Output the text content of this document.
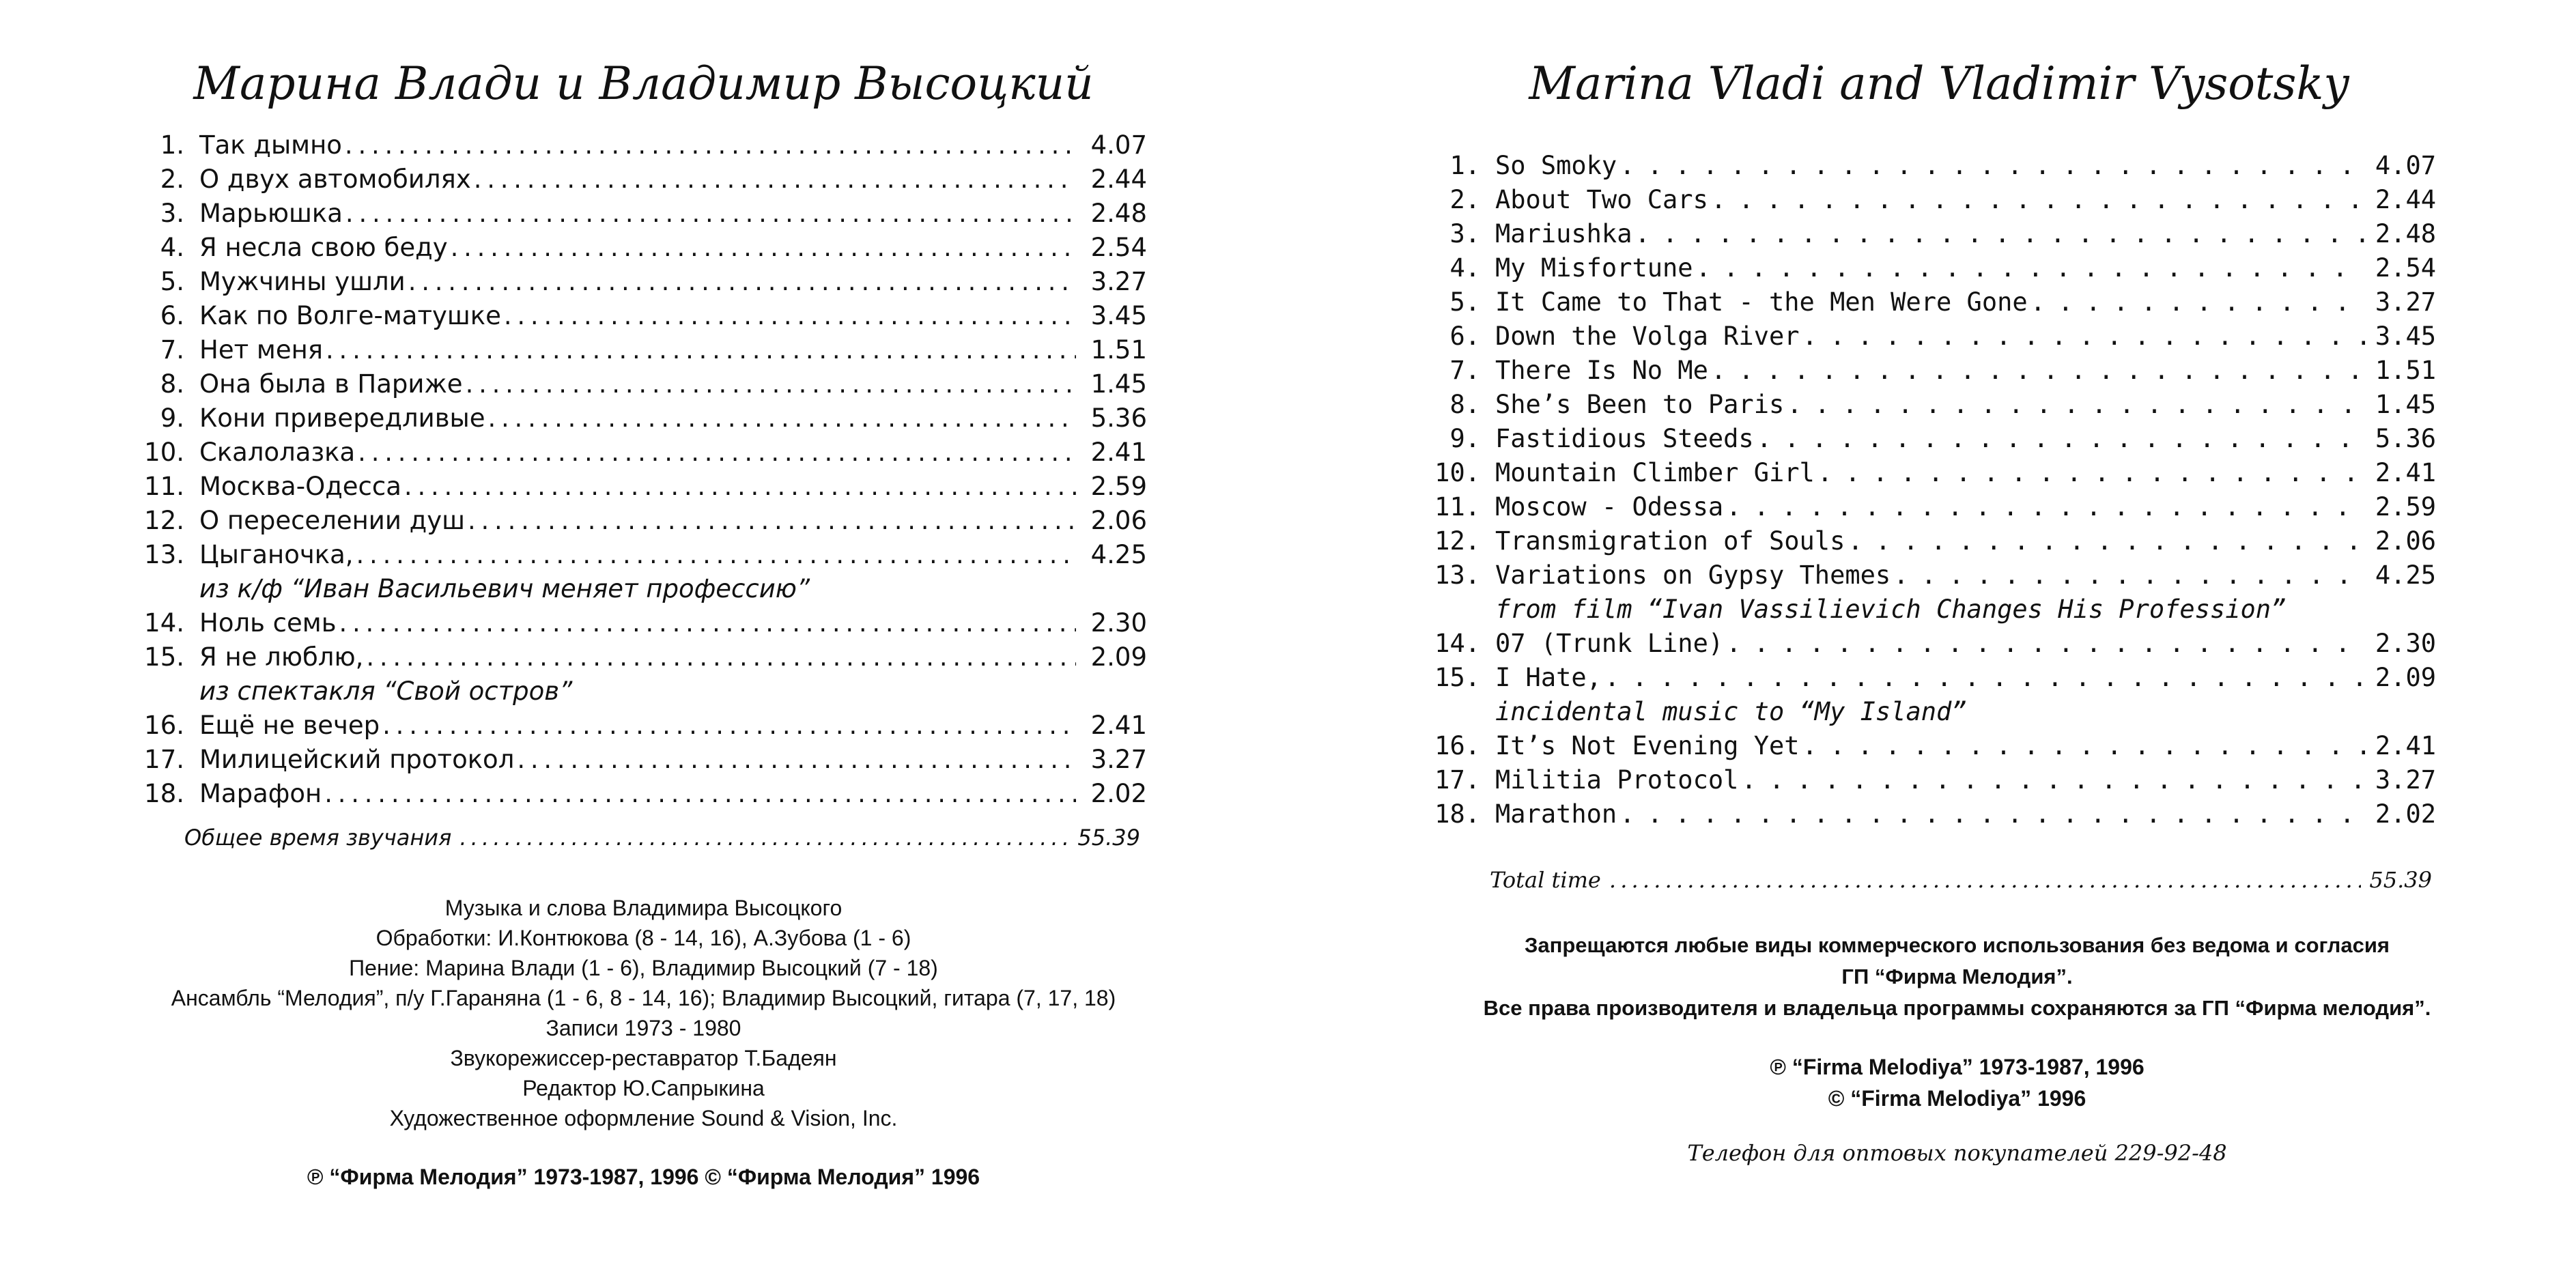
Марина Влади и Владимир Высоцкий
1. Так дымно . . .	4.07
2. О двух автомобилях . . .	2.44
3. Марьюшка . . .	2.48
4. Я несла свою беду . . .	2.54
5. Мужчины ушли . . .	3.27
6. Как по Волге-матушке . . .	3.45
7. Нет меня . . .	1.51
8. Она была в Париже . . .	1.45
9. Кони привередливые . . .	5.36
10. Скалолазка . . .	2.41
11. Москва-Одесса . . .	2.59
12. О переселении душ . . .	2.06
13. Цыганочка, . . .	4.25
из к/ф “Иван Васильевич меняет профессию”
14. Ноль семь . . .	2.30
15. Я не люблю, . . .	2.09
из спектакля “Свой остров”
16. Ещё не вечер . . .	2.41
17. Милицейский протокол . . .	3.27
18. Марафон . . .	2.02
Общее время звучания . . .	55.39
Музыка и слова Владимира Высоцкого
Обработки: И.Контюкова (8 - 14, 16), А.Зубова (1 - 6)
Пение: Марина Влади (1 - 6), Владимир Высоцкий (7 - 18)
Ансамбль “Мелодия”, п/у Г.Гараняна (1 - 6, 8 - 14, 16); Владимир Высоцкий, гитара (7, 17, 18)
Записи 1973 - 1980
Звукорежиссер-реставратор Т.Бадеян
Редактор Ю.Сапрыкина
Художественное оформление Sound & Vision, Inc.
℗ “Фирма Мелодия” 1973-1987, 1996 © “Фирма Мелодия” 1996
Marina Vladi and Vladimir Vysotsky
1. So Smoky . . .	4.07
2. About Two Cars . . .	2.44
3. Mariushka . . .	2.48
4. My Misfortune . . .	2.54
5. It Came to That - the Men Were Gone . . .	3.27
6. Down the Volga River . . .	3.45
7. There Is No Me . . .	1.51
8. She’s Been to Paris . . .	1.45
9. Fastidious Steeds . . .	5.36
10. Mountain Climber Girl . . .	2.41
11. Moscow - Odessa . . .	2.59
12. Transmigration of Souls . . .	2.06
13. Variations on Gypsy Themes . . .	4.25
from film “Ivan Vassilievich Changes His Profession”
14. 07 (Trunk Line) . . .	2.30
15. I Hate, . . .	2.09
incidental music to “My Island”
16. It’s Not Evening Yet . . .	2.41
17. Militia Protocol . . .	3.27
18. Marathon . . .	2.02
Total time . . .	55.39
Запрещаются любые виды коммерческого использования без ведома и согласия
ГП “Фирма Мелодия”.
Все права производителя и владельца программы сохраняются за ГП “Фирма мелодия”.
℗ “Firma Melodiya” 1973-1987, 1996
© “Firma Melodiya” 1996
Телефон для оптовых покупателей 229-92-48
